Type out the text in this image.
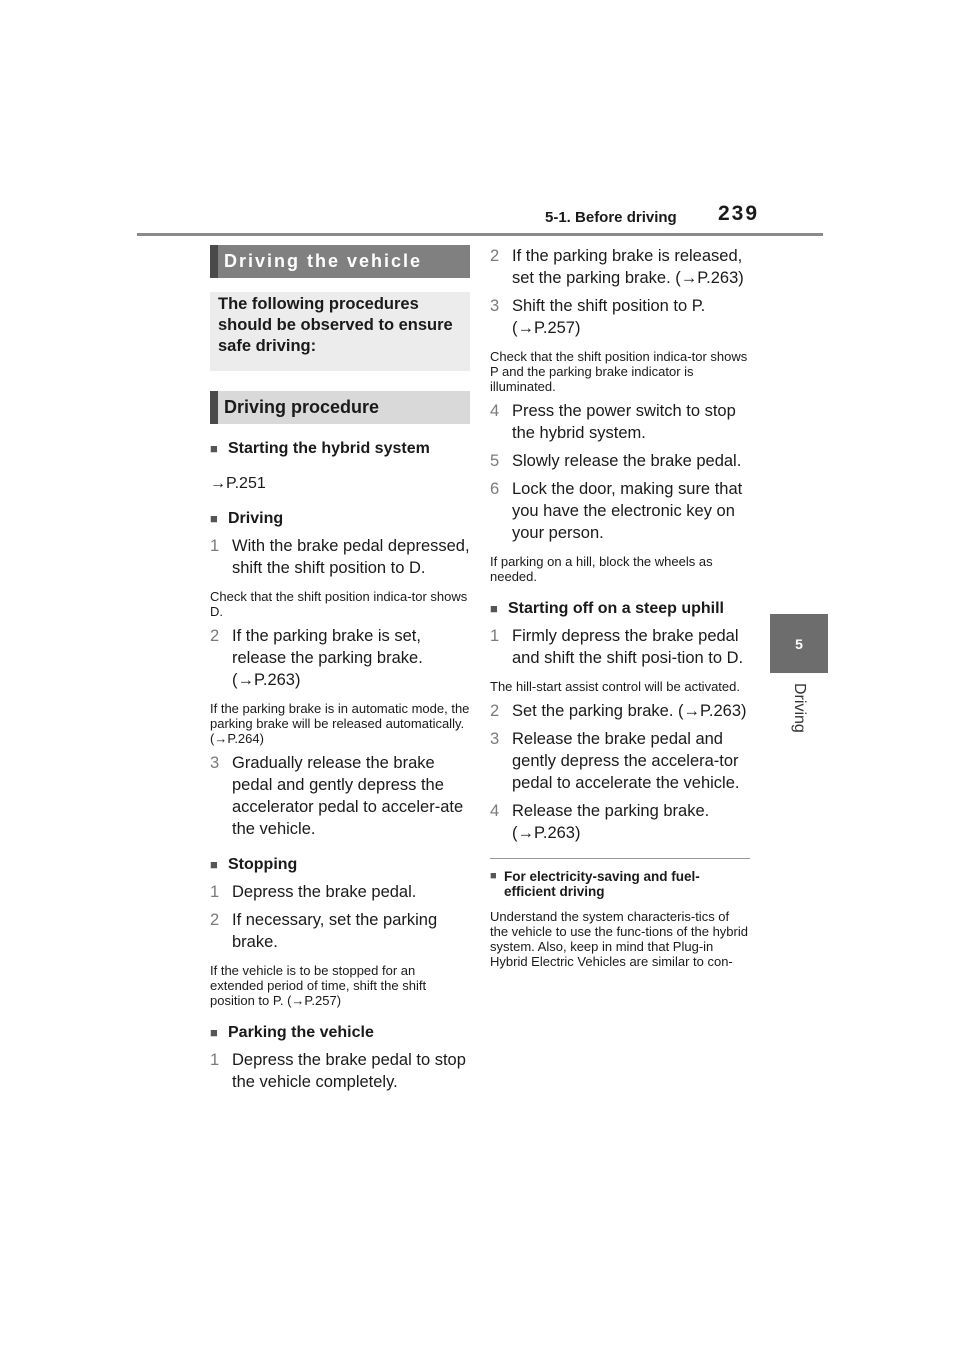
5-1. Before driving 239
5
Driving
Driving the vehicle
The following procedures should be observed to ensure safe driving:
Driving procedure
■ Starting the hybrid system
→P.251
■ Driving
1 With the brake pedal depressed, shift the shift position to D.
Check that the shift position indica-tor shows D.
2 If the parking brake is set, release the parking brake. (→P.263)
If the parking brake is in automatic mode, the parking brake will be released automatically. (→P.264)
3 Gradually release the brake pedal and gently depress the accelerator pedal to acceler-ate the vehicle.
■ Stopping
1 Depress the brake pedal.
2 If necessary, set the parking brake.
If the vehicle is to be stopped for an extended period of time, shift the shift position to P. (→P.257)
■ Parking the vehicle
1 Depress the brake pedal to stop the vehicle completely.
2 If the parking brake is released, set the parking brake. (→P.263)
3 Shift the shift position to P. (→P.257)
Check that the shift position indica-tor shows P and the parking brake indicator is illuminated.
4 Press the power switch to stop the hybrid system.
5 Slowly release the brake pedal.
6 Lock the door, making sure that you have the electronic key on your person.
If parking on a hill, block the wheels as needed.
■ Starting off on a steep uphill
1 Firmly depress the brake pedal and shift the shift posi-tion to D.
The hill-start assist control will be activated.
2 Set the parking brake. (→P.263)
3 Release the brake pedal and gently depress the accelera-tor pedal to accelerate the vehicle.
4 Release the parking brake. (→P.263)
■ For electricity-saving and fuel-efficient driving
Understand the system characteris-tics of the vehicle to use the func-tions of the hybrid system. Also, keep in mind that Plug-in Hybrid Electric Vehicles are similar to con-
